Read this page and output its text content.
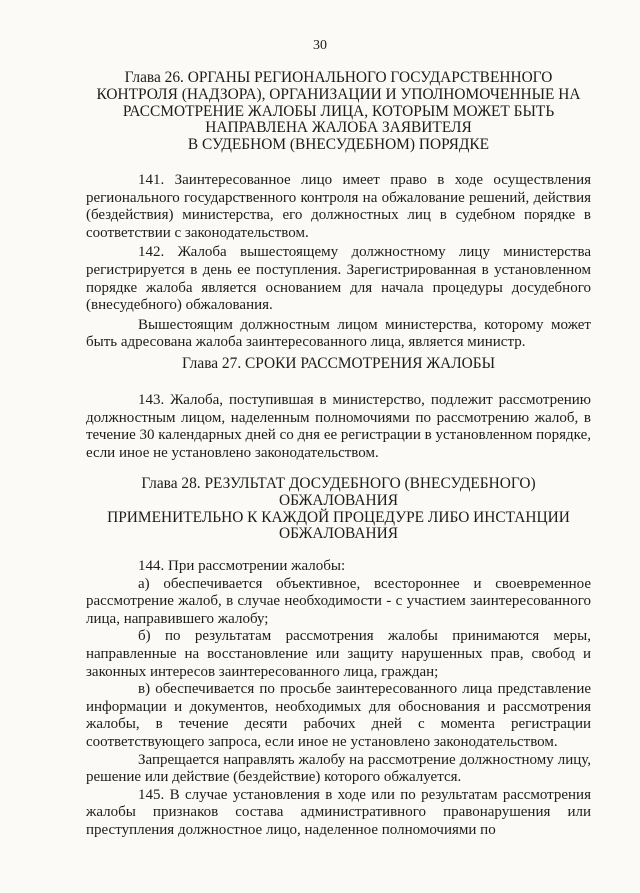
30
Глава 26. ОРГАНЫ РЕГИОНАЛЬНОГО ГОСУДАРСТВЕННОГО
КОНТРОЛЯ (НАДЗОРА), ОРГАНИЗАЦИИ И УПОЛНОМОЧЕННЫЕ НА
РАССМОТРЕНИЕ ЖАЛОБЫ ЛИЦА, КОТОРЫМ МОЖЕТ БЫТЬ
НАПРАВЛЕНА ЖАЛОБА ЗАЯВИТЕЛЯ
В СУДЕБНОМ (ВНЕСУДЕБНОМ) ПОРЯДКЕ

141. Заинтересованное лицо имеет право в ходе осуществления регионального государственного контроля на обжалование решений, действия (бездействия) министерства, его должностных лиц в судебном порядке в соответствии с законодательством.

142. Жалоба вышестоящему должностному лицу министерства регистрируется в день ее поступления. Зарегистрированная в установленном порядке жалоба является основанием для начала процедуры досудебного (внесудебного) обжалования.

Вышестоящим должностным лицом министерства, которому может быть адресована жалоба заинтересованного лица, является министр.

Глава 27. СРОКИ РАССМОТРЕНИЯ ЖАЛОБЫ

143. Жалоба, поступившая в министерство, подлежит рассмотрению должностным лицом, наделенным полномочиями по рассмотрению жалоб, в течение 30 календарных дней со дня ее регистрации в установленном порядке, если иное не установлено законодательством.

Глава 28. РЕЗУЛЬТАТ ДОСУДЕБНОГО (ВНЕСУДЕБНОГО)
ОБЖАЛОВАНИЯ
ПРИМЕНИТЕЛЬНО К КАЖДОЙ ПРОЦЕДУРЕ ЛИБО ИНСТАНЦИИ
ОБЖАЛОВАНИЯ

144. При рассмотрении жалобы:

а) обеспечивается объективное, всестороннее и своевременное рассмотрение жалоб, в случае необходимости - с участием заинтересованного лица, направившего жалобу;

б) по результатам рассмотрения жалобы принимаются меры, направленные на восстановление или защиту нарушенных прав, свобод и законных интересов заинтересованного лица, граждан;

в) обеспечивается по просьбе заинтересованного лица представление информации и документов, необходимых для обоснования и рассмотрения жалобы, в течение десяти рабочих дней с момента регистрации соответствующего запроса, если иное не установлено законодательством.

Запрещается направлять жалобу на рассмотрение должностному лицу, решение или действие (бездействие) которого обжалуется.

145. В случае установления в ходе или по результатам рассмотрения жалобы признаков состава административного правонарушения или преступления должностное лицо, наделенное полномочиями по
